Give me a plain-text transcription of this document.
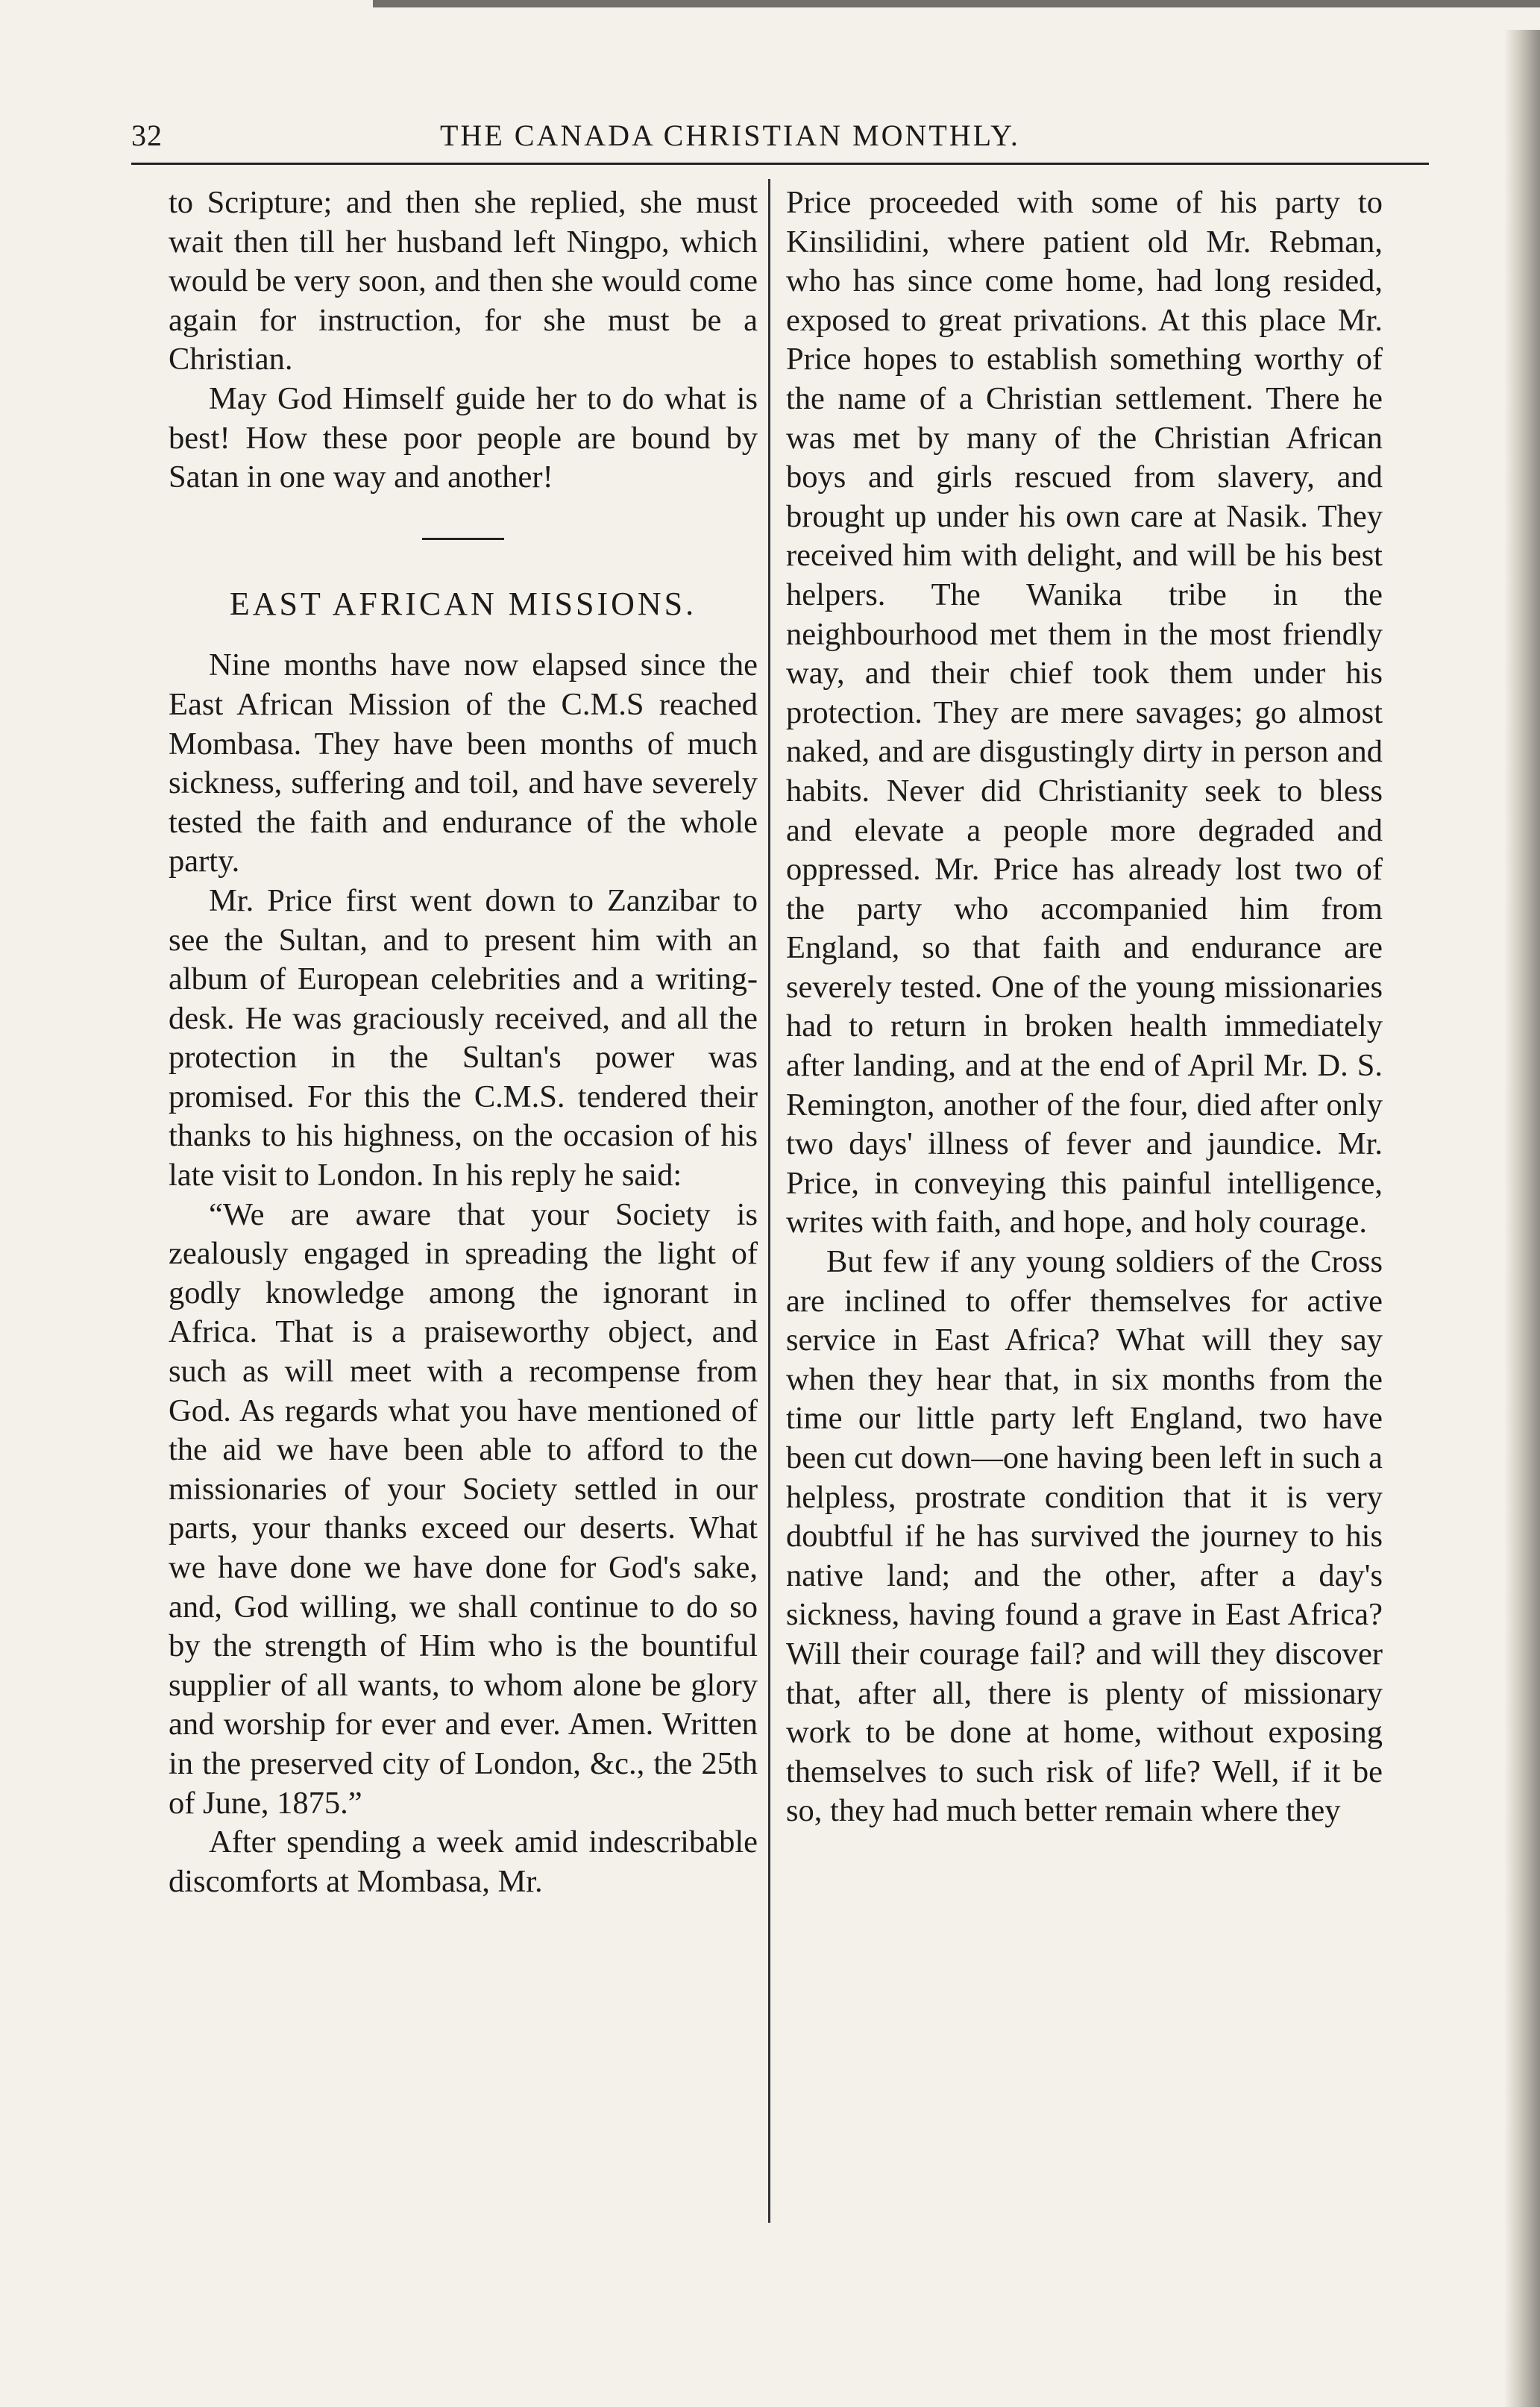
32	THE CANADA CHRISTIAN MONTHLY.

to Scripture; and then she replied, she must wait then till her husband left Ningpo, which would be very soon, and then she would come again for instruction, for she must be a Christian.

May God Himself guide her to do what is best! How these poor people are bound by Satan in one way and another!

EAST AFRICAN MISSIONS.

Nine months have now elapsed since the East African Mission of the C.M.S reached Mombasa. They have been months of much sickness, suffering and toil, and have severely tested the faith and endurance of the whole party.

Mr. Price first went down to Zanzibar to see the Sultan, and to present him with an album of European celebrities and a writing-desk. He was graciously received, and all the protection in the Sultan's power was promised. For this the C.M.S. tendered their thanks to his highness, on the occasion of his late visit to London. In his reply he said:

“We are aware that your Society is zealously engaged in spreading the light of godly knowledge among the ignorant in Africa. That is a praiseworthy object, and such as will meet with a recompense from God. As regards what you have mentioned of the aid we have been able to afford to the missionaries of your Society settled in our parts, your thanks exceed our deserts. What we have done we have done for God's sake, and, God willing, we shall continue to do so by the strength of Him who is the bountiful supplier of all wants, to whom alone be glory and worship for ever and ever. Amen. Written in the preserved city of London, &c., the 25th of June, 1875.”

After spending a week amid indescribable discomforts at Mombasa, Mr.

Price proceeded with some of his party to Kinsilidini, where patient old Mr. Rebman, who has since come home, had long resided, exposed to great privations. At this place Mr. Price hopes to establish something worthy of the name of a Christian settlement. There he was met by many of the Christian African boys and girls rescued from slavery, and brought up under his own care at Nasik. They received him with delight, and will be his best helpers. The Wanika tribe in the neighbourhood met them in the most friendly way, and their chief took them under his protection. They are mere savages; go almost naked, and are disgustingly dirty in person and habits. Never did Christianity seek to bless and elevate a people more degraded and oppressed. Mr. Price has already lost two of the party who accompanied him from England, so that faith and endurance are severely tested. One of the young missionaries had to return in broken health immediately after landing, and at the end of April Mr. D. S. Remington, another of the four, died after only two days' illness of fever and jaundice. Mr. Price, in conveying this painful intelligence, writes with faith, and hope, and holy courage.

But few if any young soldiers of the Cross are inclined to offer themselves for active service in East Africa? What will they say when they hear that, in six months from the time our little party left England, two have been cut down—one having been left in such a helpless, prostrate condition that it is very doubtful if he has survived the journey to his native land; and the other, after a day's sickness, having found a grave in East Africa? Will their courage fail? and will they discover that, after all, there is plenty of missionary work to be done at home, without exposing themselves to such risk of life? Well, if it be so, they had much better remain where they
